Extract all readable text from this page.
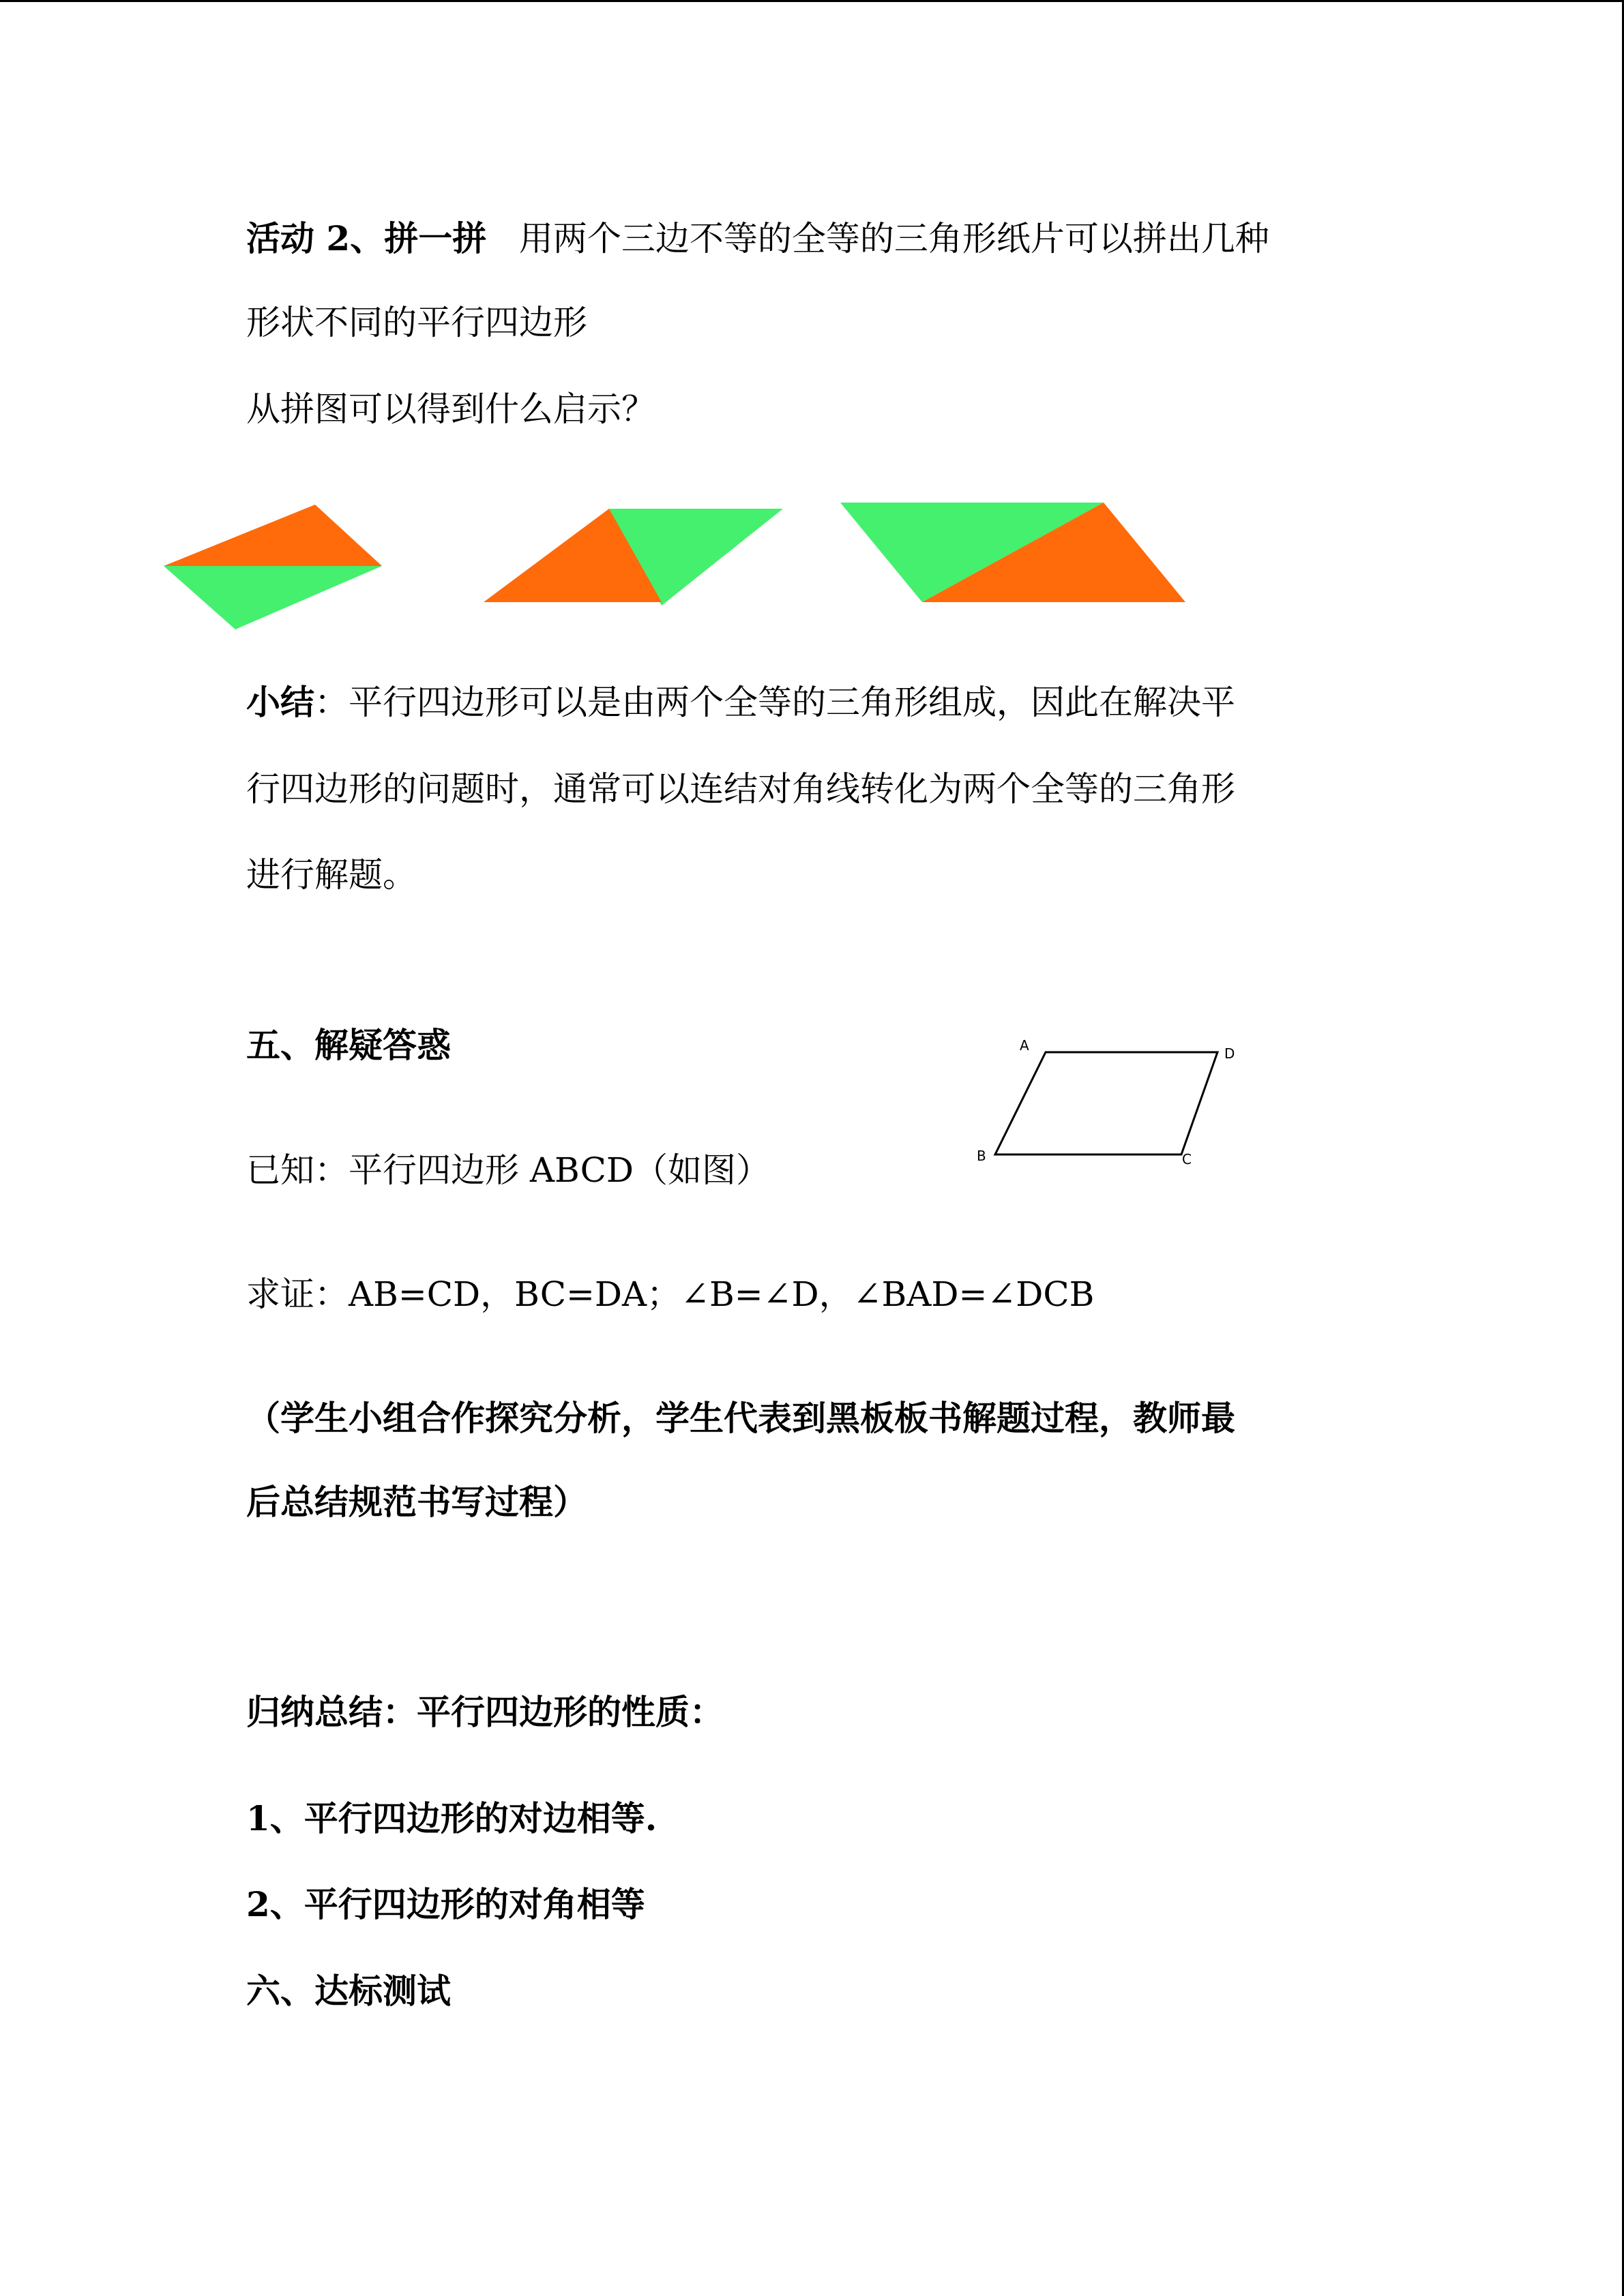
活动 2、拼一拼 用两个三边不等的全等的三角形纸片可以拼出几种
形状不同的平行四边形
从拼图可以得到什么启示？
小结：平行四边形可以是由两个全等的三角形组成，因此在解决平
行四边形的问题时，通常可以连结对角线转化为两个全等的三角形
进行解题。
五、解疑答惑	A	D
B	C
已知：平行四边形 ABCD（如图）
求证：AB=CD，BC=DA；∠B=∠D，∠BAD=∠DCB
（学生小组合作探究分析，学生代表到黑板板书解题过程，教师最
后总结规范书写过程）
归纳总结：平行四边形的性质：
1、平行四边形的对边相等.
2、平行四边形的对角相等
六、达标测试
